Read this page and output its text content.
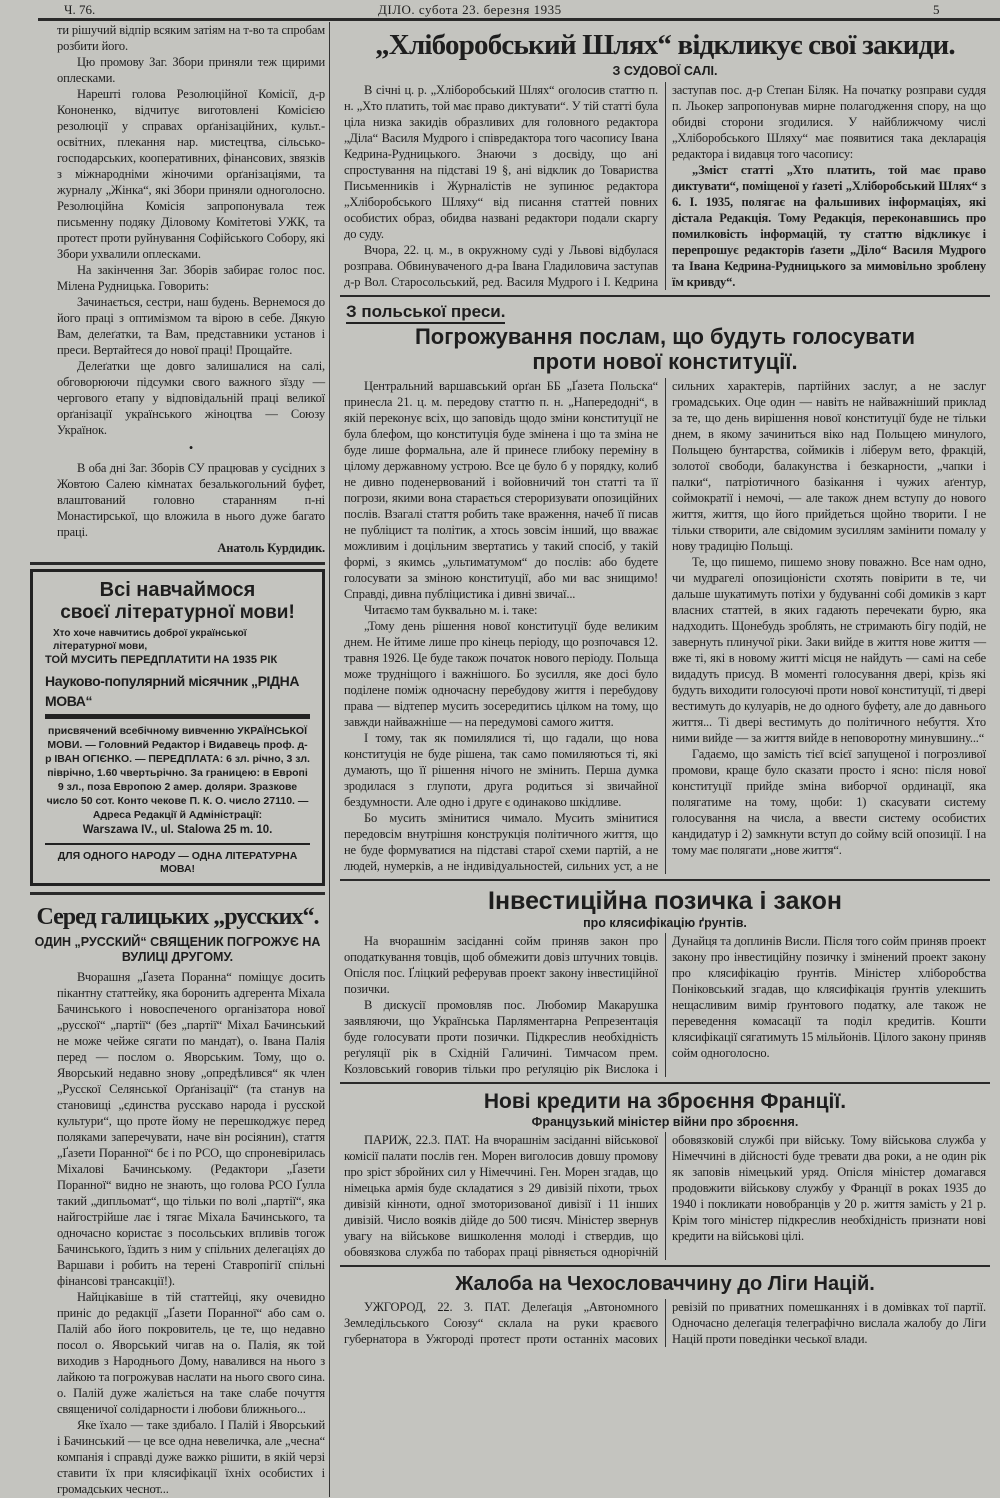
Ч. 76.	ДІЛО. субота 23. березня 1935	5

ти рішучий відпір всяким затіям на т-во та спробам розбити його.

Цю промову Заг. Збори приняли теж щирими оплесками.

Нарешті голова Резолюційної Комісії, д-р Кононенко, відчитує виготовлені Комісією резолюції у справах орґанізаційних, культ.-освітних, плекання нар. мистецтва, сільсько-господарських, кооперативних, фінансових, звязків з міжнародніми жіночими орґанізаціями, та журналу „Жінка“, які Збори приняли одноголосно. Резолюційна Комісія запропонувала теж письменну подяку Діловому Комітетові УЖК, та протест проти руйнування Софійського Собору, які Збори ухвалили оплесками.

На закінчення Заг. Зборів забирає голос пос. Мілена Рудницька. Говорить:

Зачинається, сестри, наш будень. Вернемося до його праці з оптимізмом та вірою в себе. Дякую Вам, делеґатки, та Вам, представники установ і преси. Вертайтеся до нової праці! Прощайте.

Делеґатки ще довго залишалися на салі, обговорюючи підсумки свого важного зїзду — чергового етапу у відповідальній праці великої орґанізації українського жіноцтва — Союзу Українок.

•

В оба дні Заг. Зборів СУ працював у сусідних з Жовтою Салею кімнатах безалькогольний буфет, влаштований головно старанням п-ні Монастирської, що вложила в нього дуже багато праці.

Анатоль Курдидик.
Всі навчаймося
своєї літературної мови!
Хто хоче навчитись доброї української літературної мови,
ТОЙ МУСИТЬ ПЕРЕДПЛАТИТИ НА 1935 РІК
Науково-популярний місячник „РІДНА МОВА“
присвячений всебічному вивченню УКРАЇНСЬКОЇ МОВИ. — Головний Редактор і Видавець проф. д-р ІВАН ОГІЄНКО. — ПЕРЕДПЛАТА: 6 зл. річно, 3 зл. піврічно, 1.60 чвертьрічно. За границею: в Европі 9 зл., поза Европою 2 амер. доляри. Зразкове число 50 сот. Конто чекове П. К. О. число 27110. — Адреса Редакції й Адміністрації:
Warszawa IV., ul. Stalowa 25 m. 10.
ДЛЯ ОДНОГО НАРОДУ — ОДНА ЛІТЕРАТУРНА МОВА!
Серед галицьких „русских“.
ОДИН „РУССКИЙ“ СВЯЩЕНИК ПОГРОЖУЄ НА ВУЛИЦІ ДРУГОМУ.

Вчорашня „Ґазета Поранна“ поміщує досить пікантну статтейку, яка боронить адгерента Міхала Бачинського і новоспеченого організатора нової „русскої“ „партії“ (без „партії“ Міхал Бачинський не може чейже сягати по мандат), о. Івана Палія перед — послом о. Яворським. Тому, що о. Яворський недавно знову „опредѣлився“ як член „Русскої Селянської Орґанізації“ (та станув на становищі „єдинства русскаво народа і русской культури“, що проте йому не перешкоджує перед поляками заперечувати, наче він росіянин), стаття „Ґазети Поранної“ бє і по РСО, що спроневірилась Міхалові Бачинському. (Редактори „Ґазети Поранної“ видно не знають, що голова РСО Ґулла такий „дипльомат“, що тільки по волі „партії“, яка найгострійше лає і тягає Міхала Бачинського, та одночасно користає з посольських впливів тогож Бачинського, їздить з ним у спільних делегаціях до Варшави і робить на терені Ставропігії спільні фінансові трансакції!).

Найцікавіше в тій статтейці, яку очевидно приніс до редакції „Ґазети Поранної“ або сам о. Палій або його покровитель, це те, що недавно посол о. Яворський чигав на о. Палія, як той виходив з Народнього Дому, навалився на нього з лайкою та погрожував наслати на нього свого сина. о. Палій дуже жаліється на таке слабе почуття священичої солідарности і любови ближнього...

Яке їхало — таке здибало. І Палій і Яворський і Бачинський — це все одна невеличка, але „чесна“ компанія і справді дуже важко рішити, в якій черзі ставити їх при клясифікації їхніх особистих і громадських чеснот...

„Хліборобський Шлях“ відкликує свої закиди.
З СУДОВОЇ САЛІ.

В січні ц. р. „Хліборобський Шлях“ оголосив статтю п. н. „Хто платить, той має право диктувати“. У тій статті була ціла низка закидів образливих для головного редактора „Діла“ Василя Мудрого і співредактора того часопису Івана Кедрина-Рудницького. Знаючи з досвіду, що ані спростування на підставі 19 §, ані відклик до Товариства Письменників і Журналістів не зупинює редактора „Хліборобського Шляху“ від писання статтей повних особистих образ, обидва названі редактори подали скаргу до суду.

Вчора, 22. ц. м., в окружному суді у Львові відбулася розправа. Обвинуваченого д-ра Івана Гладиловича заступав д-р Вол. Старосольський, ред. Василя Мудрого і І. Кедрина заступав пос. д-р Степан Біляк. На початку розправи суддя п. Льокер запропонував мирне полагодження спору, на що обидві сторони згодилися. У найближчому числі „Хліборобського Шляху“ має появитися така декларація редактора і видавця того часопису:

„Зміст статті „Хто платить, той має право диктувати“, поміщеної у ґазеті „Хліборобський Шлях“ з 6. І. 1935, полягає на фальшивих інформаціях, які дістала Редакція. Тому Редакція, переконавшись про помилковість інформацій, ту статтю відкликує і перепрошує редакторів ґазети „Діло“ Василя Мудрого та Івана Кедрина-Рудницького за мимовільно зроблену їм кривду“.

З польської преси.
Погрожування послам, що будуть голосувати
проти нової конституції.

Центральний варшавський орґан ББ „Ґазета Польска“ принесла 21. ц. м. передову статтю п. н. „Напередодні“, в якій переконує всіх, що заповідь щодо зміни конституції не була блефом, що конституція буде змінена і що та зміна не буде лише формальна, але й принесе глибоку переміну в цілому державному устрою. Все це було б у порядку, колиб не дивно поденервований і войовничий тон статті та її погрози, якими вона старається стероризувати опозиційних послів. Взагалі стаття робить таке враження, начеб її писав не публіцист та політик, а хтось зовсім інший, що вважає можливим і доцільним звертатись у такий спосіб, у такій формі, з якимсь „ультиматумом“ до послів: або будете голосувати за зміною конституції, або ми вас знищимо! Справді, дивна публіцистика і дивні звичаї...

Читаємо там буквально м. і. таке:

„Тому день рішення нової конституції буде великим днем. Не йтиме лише про кінець періоду, що розпочався 12. травня 1926. Це буде також початок нового періоду. Польща може трудніщого і важнішого. Бо зусилля, яке досі було поділене поміж одночасну перебудову життя і перебудову права — відтепер мусить зосередитись цілком на тому, що завжди найважніше — на передумові самого життя.

І тому, так як помилялися ті, що гадали, що нова конституція не буде рішена, так само помиляються ті, які думають, що її рішення нічого не змінить. Перша думка зродилася з глупоти, друга родиться зі звичайної бездумности. Але одно і друге є одинаково шкідливе.

Бо мусить змінитися чимало. Мусить змінитися передовсім внутрішня конструкція політичного життя, що не буде формуватися на підставі старої схеми партій, а не людей, нумерків, а не індивідуальностей, сильних уст, а не сильних характерів, партійних заслуг, а не заслуг громадських. Оце один — навіть не найважніший приклад за те, що день вирішення нової конституції буде не тільки днем, в якому зачиниться віко над Польщею минулого, Польщею бунтарства, соймиків і ліберум вето, фракцій, золотої свободи, балакунства і безкарности, „чапки і палки“, патріотичного базікання і чужих аґентур, соймократії і немочі, — але також днем вступу до нового життя, життя, що його прийдеться щойно творити. І не тільки створити, але свідомим зусиллям замінити помалу у нову традицію Польщі.

Те, що пишемо, пишемо знову поважно. Все нам одно, чи мудрагелі опозиціоністи схотять повірити в те, чи дальше шукатимуть потіхи у будуванні собі домиків з карт власних статтей, в яких гадають перечекати бурю, яка надходить. Щонебудь зроблять, не стримають бігу подій, не завернуть плинучої ріки. Заки вийде в життя нове життя — вже ті, які в новому житті місця не найдуть — самі на себе видадуть присуд. В моменті голосування двері, крізь які будуть виходити голосуючі проти нової конституції, ті двері вестимуть до кулуарів, не до одного буфету, але до давнього життя... Ті двері вестимуть до політичного небуття. Хто ними вийде — за життя вийде в неповоротну минувшину...“

Гадаємо, що замість тієї всієї запущеної і погрозливої промови, краще було сказати просто і ясно: після нової конституції прийде зміна виборчої ординації, яка полягатиме на тому, щоби: 1) скасувати систему голосування на числа, а ввести систему особистих кандидатур і 2) замкнути вступ до сойму всій опозиції. І на тому має полягати „нове життя“.

Інвестиційна позичка і закон
про клясифікацію ґрунтів.

На вчорашнім засіданні сойм приняв закон про оподаткування товців, щоб обмежити довіз штучних товців. Опісля пос. Ґліцкий реферував проект закону інвестиційної позички.

В дискусії промовляв пос. Любомир Макарушка заявляючи, що Українська Парляментарна Репрезентація буде голосувати проти позички. Підкреслив необхідність реґуляції рік в Східній Галичині. Тимчасом прем. Козловський говорив тільки про реґуляцію рік Вислока і Дунайця та доплинів Висли. Після того сойм приняв проект закону про інвестиційну позичку і змінений проект закону про клясифікацію ґрунтів. Міністер хліборобства Поніковський згадав, що клясифікація ґрунтів улекшить нещасливим вимір ґрунтового податку, але також не переведення комасації та поділ кредитів. Кошти клясифікації сягатимуть 15 мільйонів. Цілого закону приняв сойм одноголосно.

Нові кредити на зброєння Франції.
Французький міністер війни про зброєння.

ПАРИЖ, 22.3. ПАТ. На вчорашнім засіданні військової комісії палати послів ген. Морен виголосив довшу промову про зріст збройних сил у Німеччині. Ген. Морен згадав, що німецька армія буде складатися з 29 дивізій піхоти, трьох дивізій кінноти, одної змоторизованої дивізії і 11 інших дивізій. Число вояків дійде до 500 тисяч. Міністер звернув увагу на військове вишколення молоді і ствердив, що обовязкова служба по таборах праці рівняється однорічній обовязковій службі при війську. Тому військова служба у Німеччині в дійсності буде тревати два роки, а не один рік як заповів німецький уряд. Опісля міністер домагався продовжити військову службу у Франції в роках 1935 до 1940 і покликати новобранців у 20 р. життя замість у 21 р. Крім того міністер підкреслив необхідність признати нові кредити на військові цілі.

Жалоба на Чехословаччину до Ліги Націй.

УЖГОРОД, 22. 3. ПАТ. Делеґація „Автономного Земледільського Союзу“ склала на руки краєвого губернатора в Ужгороді протест проти останніх масових ревізій по приватних помешканнях і в домівках тої партії. Одночасно делеґація телеграфічно вислала жалобу до Ліги Націй проти поведінки чеської влади.
